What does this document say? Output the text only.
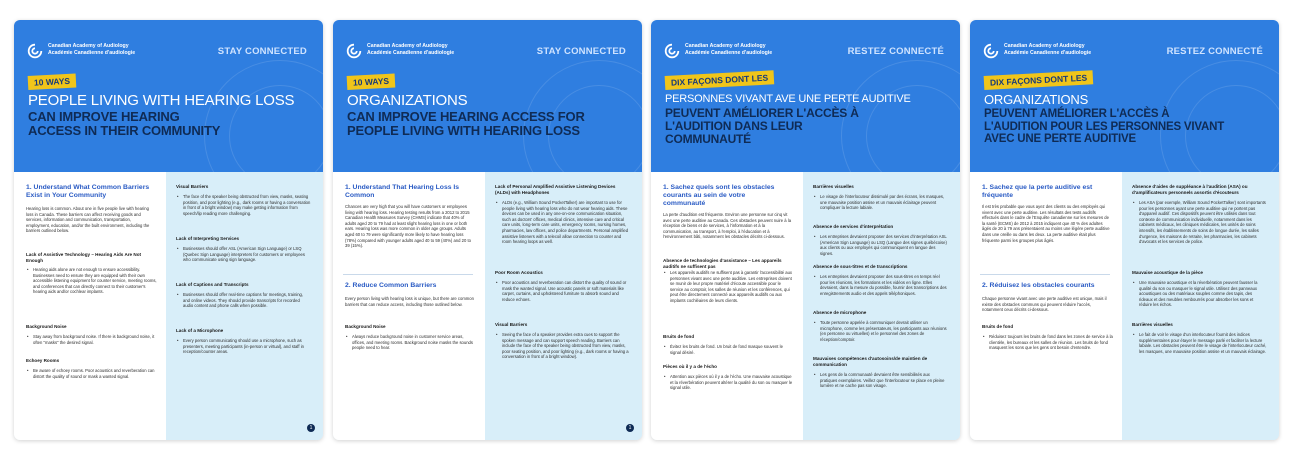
Canadian Academy of Audiology
Académie Canadienne d'audiologie	STAY CONNECTED
10 WAYS
PEOPLE LIVING WITH HEARING LOSS
CAN IMPROVE HEARING ACCESS IN THEIR COMMUNITY
1. Understand What Common Barriers Exist in Your Community
Hearing loss is common. About one in five people live with hearing loss in Canada. These barriers can affect receiving goods and services, information and communication, transportation, employment, education, and/or the built environment, including the barriers outlined below.
Lack of Assistive Technology – Hearing Aids Are Not Enough
• Hearing aids alone are not enough to ensure accessibility. Businesses need to ensure they are equipped with their own accessible listening equipment for counter service, meeting rooms, and conferences that can directly connect to their customer's hearing aids and/or cochlear implants.
Background Noise
• Stay away from background noise. If there is background noise, it often "masks" the desired signal.
Echoey Rooms
• Be aware of echoey rooms. Poor acoustics and reverberation can distort the quality of sound or mask a wanted signal.
Visual Barriers
• The face of the speaker being obstructed from view, masks, seating position, and poor lighting (e.g., dark rooms or having a conversation in front of a bright window) may make getting information from speech/lip reading more challenging.
Lack of Interpreting Services
• Businesses should offer ASL (American Sign Language) or LSQ (Quebec Sign Language) interpreters for customers or employees who communicate using sign language.
Lack of Captions and Transcripts
• Businesses should offer real-time captions for meetings, training, and online videos. They should provide transcripts for recorded audio content and phone calls when possible.
Lack of a Microphone
• Every person communicating should use a microphone, such as presenters, meeting participants (in-person or virtual), and staff in reception/counter areas.
1
Canadian Academy of Audiology
Académie Canadienne d'audiologie	STAY CONNECTED
10 WAYS
ORGANIZATIONS
CAN IMPROVE HEARING ACCESS FOR PEOPLE LIVING WITH HEARING LOSS
1. Understand That Hearing Loss Is Common
Chances are very high that you will have customers or employees living with hearing loss. Hearing testing results from a 2012 to 2015 Canadian Health Measures Survey (CHMS) indicate that 40% of adults aged 20 to 79 had at least slight hearing loss in one or both ears. Hearing loss was more common in older age groups. Adults aged 60 to 79 were significantly more likely to have hearing loss (78%) compared with younger adults aged 40 to 59 (40%) and 20 to 39 (15%).
2. Reduce Common Barriers
Every person living with hearing loss is unique, but there are common barriers that can reduce access, including those outlined below.
Background Noise
• Always reduce background noise in customer service areas, offices, and meeting rooms. Background noise masks the sounds people need to hear.
Lack of Personal Amplified Assistive Listening Devices (ALDs) with Headphones
• ALDs (e.g., William Sound PocketTalker) are important to use for people living with hearing loss who do not wear hearing aids. These devices can be used in any one-on-one communication situation, such as doctors' offices, medical clinics, intensive care and critical care units, long-term care units, emergency rooms, nursing homes, pharmacies, law offices, and police departments. Personal amplified assistive listeners with a telecoil allow connection to counter and room hearing loops as well.
Poor Room Acoustics
• Poor acoustics and reverberation can distort the quality of sound or mask the wanted signal. Use acoustic panels or soft materials like carpet, curtains, and upholstered furniture to absorb sound and reduce echoes.
Visual Barriers
• Seeing the face of a speaker provides extra cues to support the spoken message and can support speech reading. Barriers can include the face of the speaker being obstructed from view, masks, poor seating position, and poor lighting (e.g., dark rooms or having a conversation in front of a bright window).
1
Canadian Academy of Audiology
Académie Canadienne d'audiologie	RESTEZ CONNECTÉ
DIX FAÇONS DONT LES
PERSONNES VIVANT AVE UNE PERTE AUDITIVE
PEUVENT AMÉLIORER L'ACCÈS À L'AUDITION DANS LEUR COMMUNAUTÉ
1. Sachez quels sont les obstacles courants au sein de votre communauté
La perte d'audition est fréquente. Environ une personne sur cinq vit avec une perte auditive au Canada. Ces obstacles peuvent nuire à la réception de biens et de services, à l'information et à la communication, au transport, à l'emploi, à l'éducation et à l'environnement bâti, notamment les obstacles décrits ci-dessous.
Absence de technologies d'assistance – Les appareils auditifs ne suffisent pas
• Les appareils auditifs ne suffisent pas à garantir l'accessibilité aux personnes vivant avec une perte auditive. Les entreprises doivent se munir de leur propre matériel d'écoute accessible pour le service au comptoir, les salles de réunion et les conférences, qui peut être directement connecté aux appareils auditifs ou aux implants cochléaires de leurs clients.
Bruits de fond
• Évitez les bruits de fond. Un bruit de fond masque souvent le signal désiré.
Pièces où il y a de l'écho
• Attention aux pièces où il y a de l'écho. Une mauvaise acoustique et la réverbération peuvent altérer la qualité du son ou masquer le signal utile.
Barrières visuelles
• Le visage de l'interlocuteur dissimulé par des écrans, les masques, une mauvaise position assise et un mauvais éclairage peuvent compliquer la lecture labiale.
Absence de services d'interprétation
• Les entreprises devraient proposer des services d'interprétation ASL (American Sign Language) ou LSQ (Langue des signes québécoise) aux clients ou aux employés qui communiquent en langue des signes.
Absence de sous-titres et de transcriptions
• Les entreprises devraient proposer des sous-titres en temps réel pour les réunions, les formations et les vidéos en ligne. Elles devraient, dans la mesure du possible, fournir des transcriptions des enregistrements audio et des appels téléphoniques.
Absence de microphone
• Toute personne appelée à communiquer devrait utiliser un microphone, comme les présentateurs, les participants aux réunions (en personne ou virtuelles) et le personnel des zones de réception/comptoir.
Mauvaises compétences d'autosoins/de maintien de communication
• Les gens de la communauté devraient être sensibilisés aux pratiques exemplaires. Veillez que l'interlocuteur se place en pleine lumière et ne cache pas son visage.
Canadian Academy of Audiology
Académie Canadienne d'audiologie	RESTEZ CONNECTÉ
DIX FAÇONS DONT LES
ORGANIZATIONS
PEUVENT AMÉLIORER L'ACCÈS À L'AUDITION POUR LES PERSONNES VIVANT AVEC UNE PERTE AUDITIVE
1. Sachez que la perte auditive est fréquente
Il est très probable que vous ayez des clients ou des employés qui vivent avec une perte auditive. Les résultats des tests auditifs effectués dans le cadre de l'Enquête canadienne sur les mesures de la santé (ECMS) de 2012 à 2015 indiquent que 40 % des adultes âgés de 20 à 79 ans présentaient au moins une légère perte auditive dans une oreille ou dans les deux. La perte auditive était plus fréquente parmi les groupes plus âgés.
2. Réduisez les obstacles courants
Chaque personne vivant avec une perte auditive est unique, mais il existe des obstacles communs qui peuvent réduire l'accès, notamment ceux décrits ci-dessous.
Bruits de fond
• Réduisez toujours les bruits de fond dans les zones de service à la clientèle, les bureaux et les salles de réunion. Les bruits de fond masquent les sons que les gens ont besoin d'entendre.
Absence d'aides de suppléance à l'audition (ASA) ou d'amplificateurs personnels assortis d'écouteurs
• Les ASA (par exemple, William Sound PocketTalker) sont importants pour les personnes ayant une perte auditive qui ne portent pas d'appareil auditif. Ces dispositifs peuvent être utilisés dans tout contexte de communication individuelle, notamment dans les cabinets médicaux, les cliniques médicales, les unités de soins intensifs, les établissements de soins de longue durée, les salles d'urgence, les maisons de retraite, les pharmacies, les cabinets d'avocats et les services de police.
Mauvaise acoustique de la pièce
• Une mauvaise acoustique et la réverbération peuvent fausser la qualité du son ou masquer le signal utile. Utilisez des panneaux acoustiques ou des matériaux souples comme des tapis, des rideaux et des meubles rembourrés pour absorber les sons et réduire les échos.
Barrières visuelles
• Le fait de voir le visage d'un interlocuteur fournit des indices supplémentaires pour étayer le message parlé et faciliter la lecture labiale. Les obstacles peuvent être le visage de l'interlocuteur caché, les masques, une mauvaise position assise et un mauvais éclairage.
